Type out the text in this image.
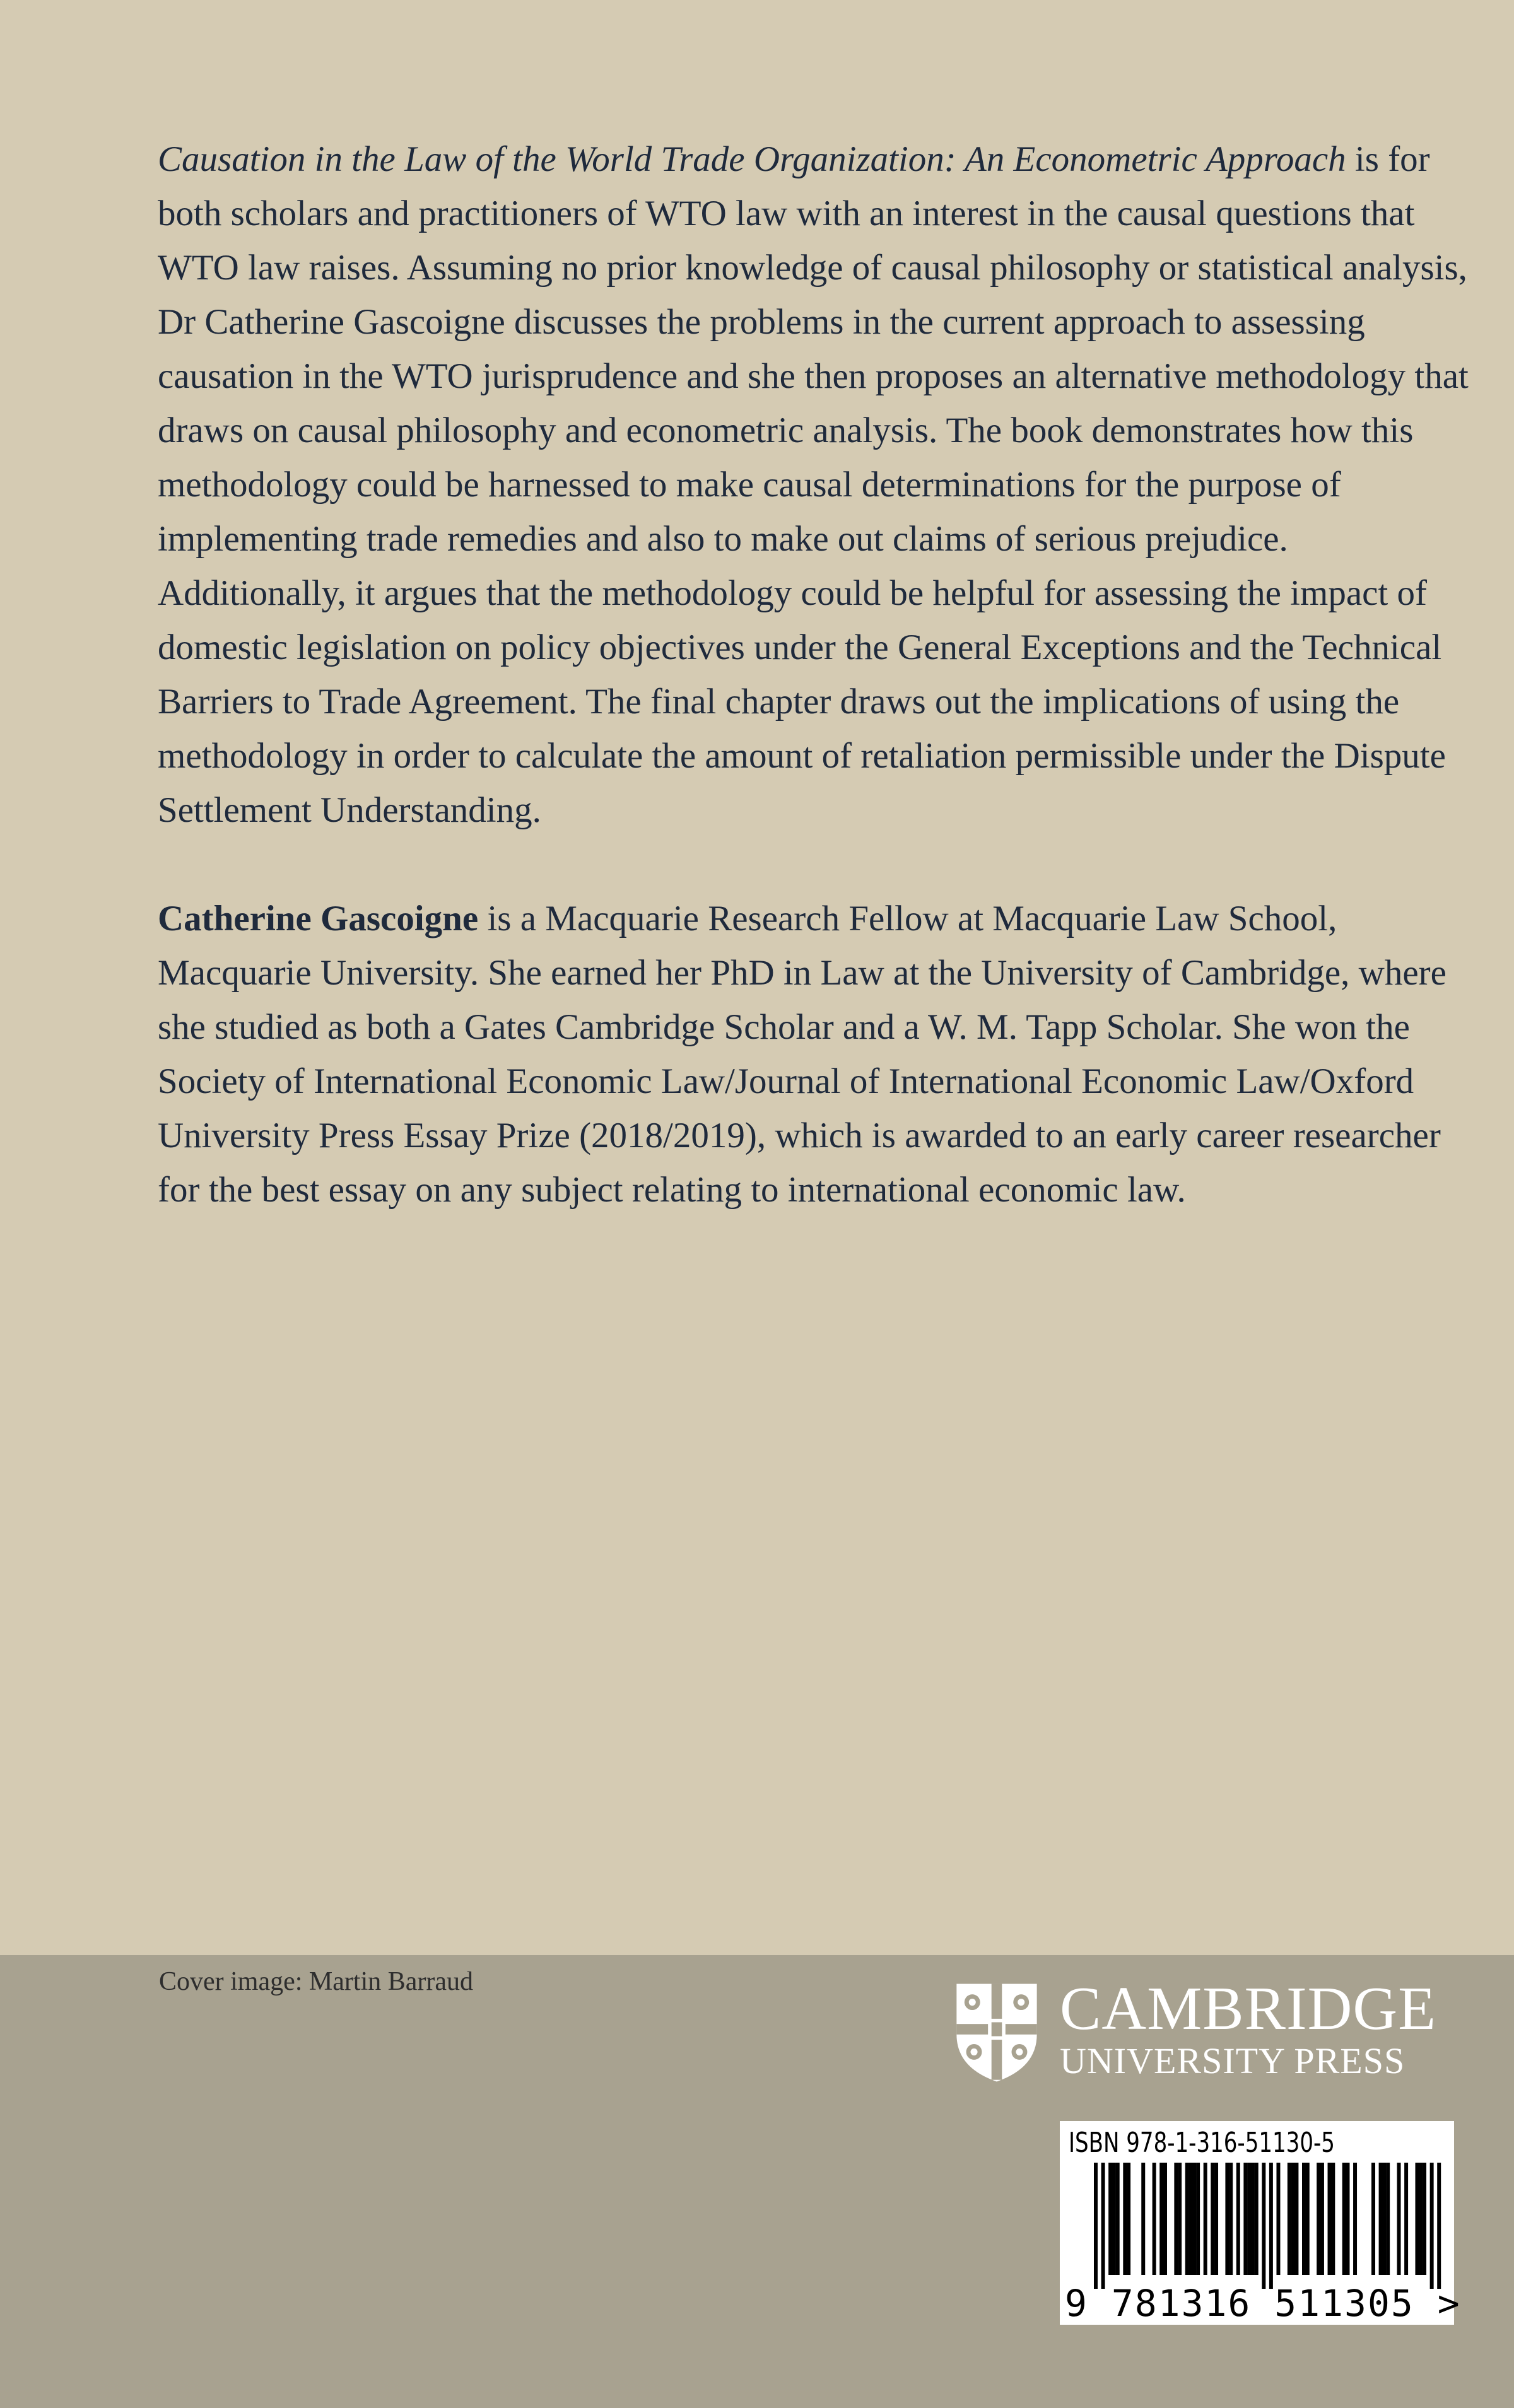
Causation in the Law of the World Trade Organization: An Econometric Approach is for both scholars and practitioners of WTO law with an interest in the causal questions that WTO law raises. Assuming no prior knowledge of causal philosophy or statistical analysis, Dr Catherine Gascoigne discusses the problems in the current approach to assessing causation in the WTO jurisprudence and she then proposes an alternative methodology that draws on causal philosophy and econometric analysis. The book demonstrates how this methodology could be harnessed to make causal determinations for the purpose of implementing trade remedies and also to make out claims of serious prejudice. Additionally, it argues that the methodology could be helpful for assessing the impact of domestic legislation on policy objectives under the General Exceptions and the Technical Barriers to Trade Agreement. The final chapter draws out the implications of using the methodology in order to calculate the amount of retaliation permissible under the Dispute Settlement Understanding.

Catherine Gascoigne is a Macquarie Research Fellow at Macquarie Law School, Macquarie University. She earned her PhD in Law at the University of Cambridge, where she studied as both a Gates Cambridge Scholar and a W. M. Tapp Scholar. She won the Society of International Economic Law/Journal of International Economic Law/Oxford University Press Essay Prize (2018/2019), which is awarded to an early career researcher for the best essay on any subject relating to international economic law.

Cover image: Martin Barraud	CAMBRIDGE
UNIVERSITY PRESS
ISBN 978-1-316-51130-5
9 781316 511305 >
